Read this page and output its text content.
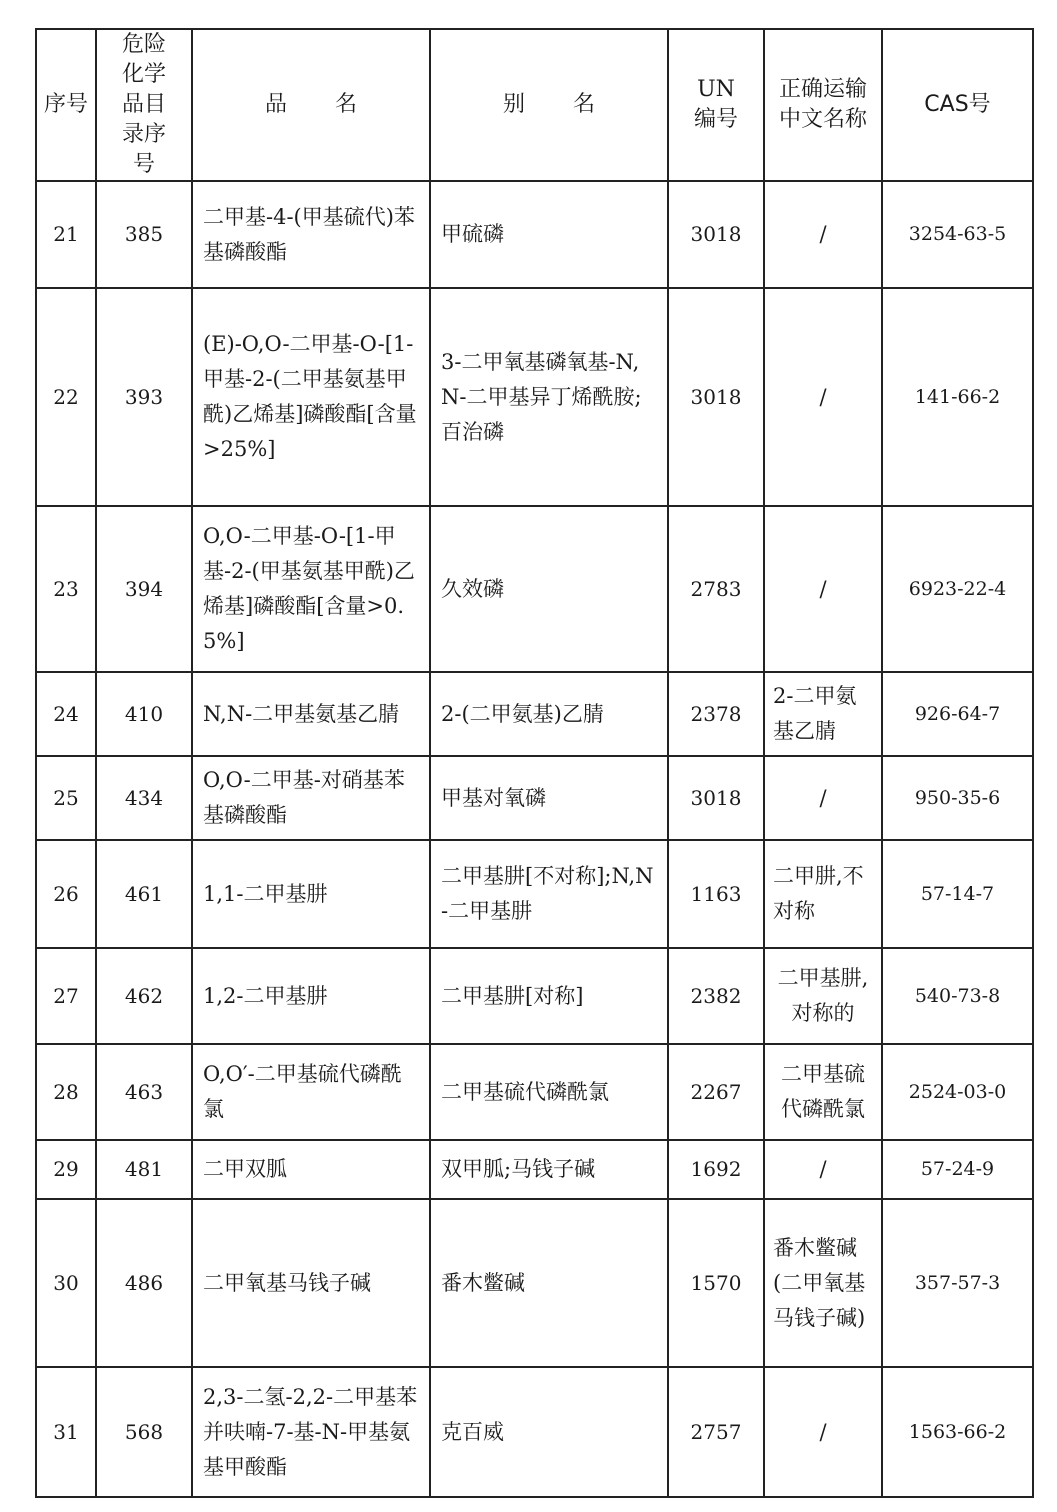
序号	危险化学品目录序号	品名	别名	UN编号	正确运输中文名称	CAS号
21	385	二甲基-4-(甲基硫代)苯基磷酸酯	甲硫磷	3018	/	3254-63-5
22	393	(E)-O,O-二甲基-O-[1-甲基-2-(二甲基氨基甲酰)乙烯基]磷酸酯[含量>25%]	3-二甲氧基磷氧基-N,N-二甲基异丁烯酰胺;百治磷	3018	/	141-66-2
23	394	O,O-二甲基-O-[1-甲基-2-(甲基氨基甲酰)乙烯基]磷酸酯[含量>0.5%]	久效磷	2783	/	6923-22-4
24	410	N,N-二甲基氨基乙腈	2-(二甲氨基)乙腈	2378	2-二甲氨基乙腈	926-64-7
25	434	O,O-二甲基-对硝基苯基磷酸酯	甲基对氧磷	3018	/	950-35-6
26	461	1,1-二甲基肼	二甲基肼[不对称];N,N-二甲基肼	1163	二甲肼,不对称	57-14-7
27	462	1,2-二甲基肼	二甲基肼[对称]	2382	二甲基肼,对称的	540-73-8
28	463	O,O′-二甲基硫代磷酰氯	二甲基硫代磷酰氯	2267	二甲基硫代磷酰氯	2524-03-0
29	481	二甲双胍	双甲胍;马钱子碱	1692	/	57-24-9
30	486	二甲氧基马钱子碱	番木鳖碱	1570	番木鳖碱(二甲氧基马钱子碱)	357-57-3
31	568	2,3-二氢-2,2-二甲基苯并呋喃-7-基-N-甲基氨基甲酸酯	克百威	2757	/	1563-66-2
